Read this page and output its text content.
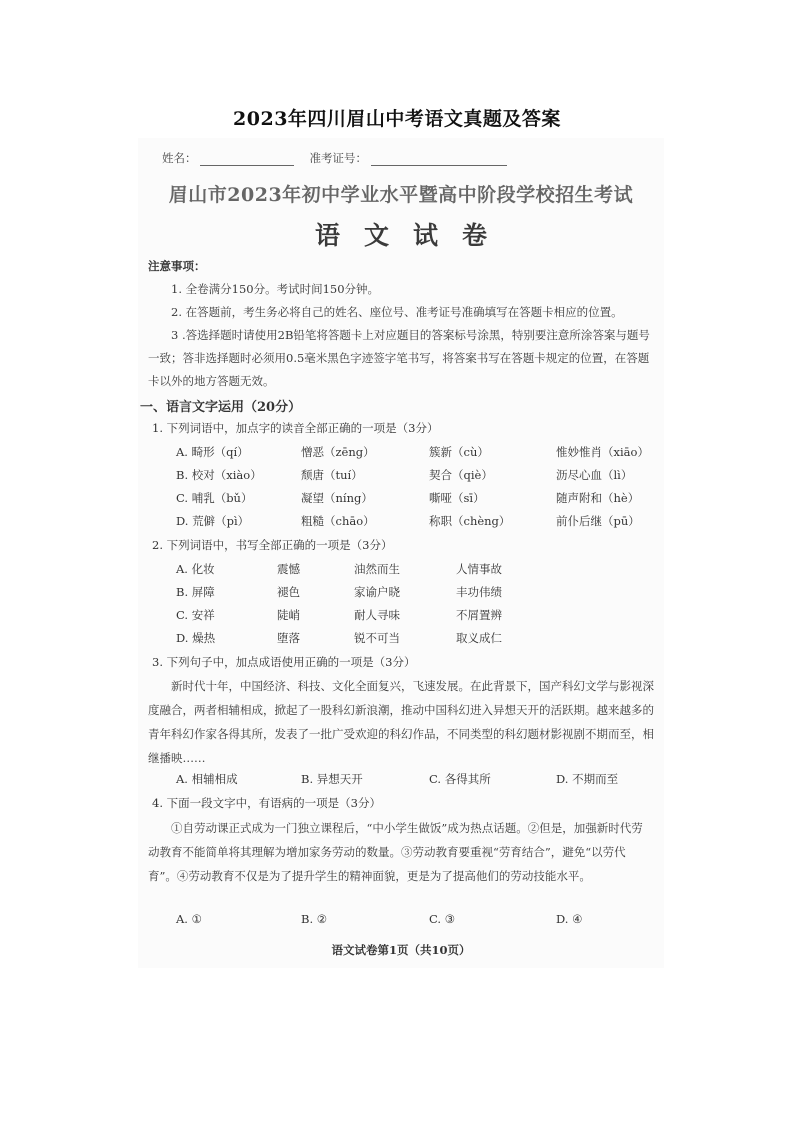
2023年四川眉山中考语文真题及答案
姓名：	准考证号：
眉山市2023年初中学业水平暨高中阶段学校招生考试
语文试卷
注意事项：
1. 全卷满分150分。考试时间150分钟。
2. 在答题前，考生务必将自己的姓名、座位号、准考证号准确填写在答题卡相应的位置。
3 .答选择题时请使用2B铅笔将答题卡上对应题目的答案标号涂黑，特别要注意所涂答案与题号一致；答非选择题时必须用0.5毫米黑色字迹签字笔书写，将答案书写在答题卡规定的位置，在答题卡以外的地方答题无效。
一、语言文字运用（20分）
1. 下列词语中，加点字的读音全部正确的一项是（3分）
A. 畸形（qí）	憎恶（zēng）	簇新（cù）	惟妙惟肖（xiāo）
B. 校对（xiào）	颓唐（tuí）	契合（qiè）	沥尽心血（lì）
C. 哺乳（bǔ）	凝望（níng）	嘶哑（sī）	随声附和（hè）
D. 荒僻（pì）	粗糙（chāo）	称职（chèng）	前仆后继（pū）
2. 下列词语中，书写全部正确的一项是（3分）
A. 化妆	震憾	油然而生	人情事故
B. 屏障	褪色	家谕户晓	丰功伟绩
C. 安祥	陡峭	耐人寻味	不屑置辨
D. 燥热	堕落	锐不可当	取义成仁
3. 下列句子中，加点成语使用正确的一项是（3分）
新时代十年，中国经济、科技、文化全面复兴，飞速发展。在此背景下，国产科幻文学与影视深度融合，两者相辅相成，掀起了一股科幻新浪潮，推动中国科幻进入异想天开的活跃期。越来越多的青年科幻作家各得其所，发表了一批广受欢迎的科幻作品，不同类型的科幻题材影视剧不期而至，相继播映……
A. 相辅相成	B. 异想天开	C. 各得其所	D. 不期而至
4. 下面一段文字中，有语病的一项是（3分）
①自劳动课正式成为一门独立课程后，“中小学生做饭”成为热点话题。②但是，加强新时代劳动教育不能简单将其理解为增加家务劳动的数量。③劳动教育要重视“劳育结合”，避免“以劳代育”。④劳动教育不仅是为了提升学生的精神面貌，更是为了提高他们的劳动技能水平。
A. ①	B. ②	C. ③	D. ④
语文试卷第1页（共10页）
